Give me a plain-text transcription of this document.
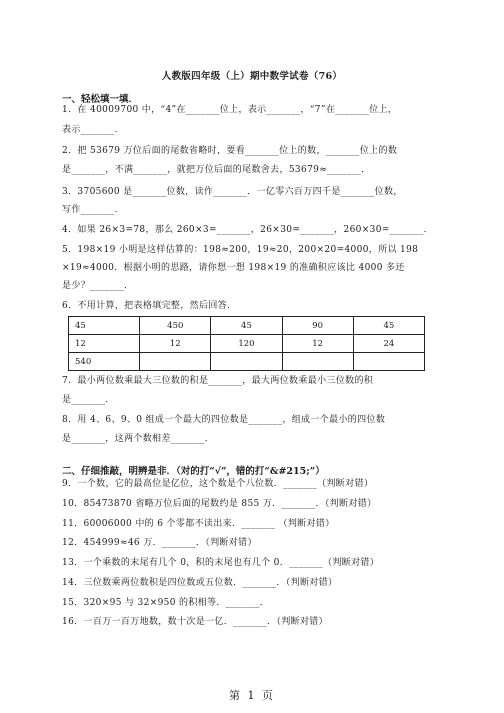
人教版四年级（上）期中数学试卷（76）
一、轻松填一填．
1．在 40009700 中，“4”在_______位上，表示_______，“7”在_______位上，
表示_______．
2．把 53679 万位后面的尾数省略时，要看_______位上的数，_______位上的数
是_______，不满_______，就把万位后面的尾数舍去，53679≈_______．
3．3705600 是_______位数，读作_______．一亿零六百万四千是_______位数，
写作_______．
4．如果 26×3=78，那么 260×3=_______，26×30=_______，260×30=_______．
5．198×19 小明是这样估算的：198≈200，19≈20，200×20=4000，所以 198
×19≈4000．根据小明的思路，请你想一想 198×19 的准确积应该比 4000 多还
是少？_______．
6．不用计算，把表格填完整，然后回答．
45	450	45	90	45
12	12	120	12	24
540				
7．最小两位数乘最大三位数的积是_______，最大两位数乘最小三位数的积
是_______．
8．用 4、6、9、0 组成一个最大的四位数是_______，组成一个最小的四位数
是_______，这两个数相差_______．
二、仔细推敲，明辨是非．（对的打“√”，错的打“&#215;”）
9．一个数，它的最高位是亿位，这个数是个八位数．_______（判断对错）
10．85473870 省略万位后面的尾数约是 855 万．_______．（判断对错）
11．60006000 中的 6 个零都不读出来．_______ （判断对错）
12．454999≈46 万．_______．（判断对错）
13．一个乘数的末尾有几个 0，积的末尾也有几个 0．_______（判断对错）
14．三位数乘两位数积是四位数或五位数．_______．（判断对错）
15．320×95 与 32×950 的积相等．_______．
16．一百万一百万地数，数十次是一亿．_______．（判断对错）
第 1 页
